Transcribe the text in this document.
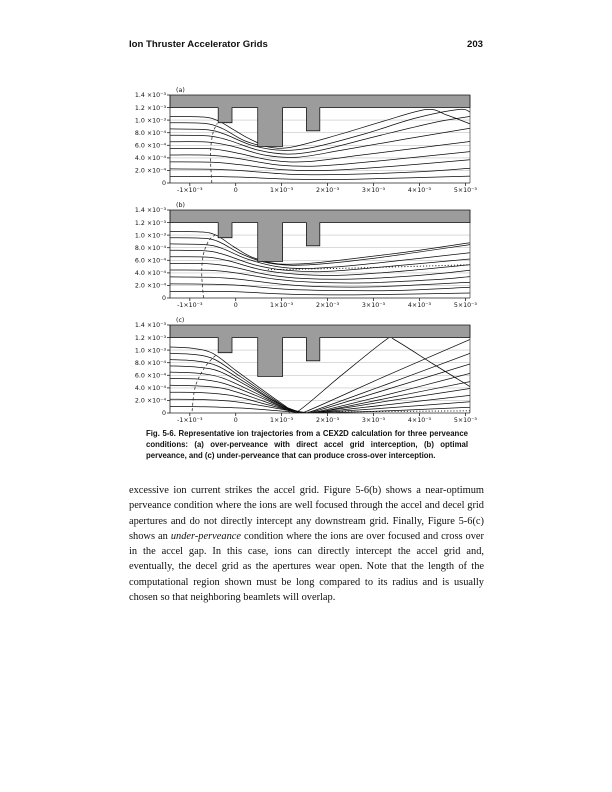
Ion Thruster Accelerator Grids	203
0
2.0 ×10⁻⁴
4.0 ×10⁻⁴
6.0 ×10⁻⁴
8.0 ×10⁻⁴
1.0 ×10⁻³
1.2 ×10⁻³
1.4 ×10⁻³
-1×10⁻³	0	1×10⁻³	2×10⁻³	3×10⁻³	4×10⁻³	5×10⁻³
(a)
0
2.0 ×10⁻⁴
4.0 ×10⁻⁴
6.0 ×10⁻⁴
8.0 ×10⁻⁴
1.0 ×10⁻³
1.2 ×10⁻³
1.4 ×10⁻³
-1×10⁻³	0	1×10⁻³	2×10⁻³	3×10⁻³	4×10⁻³	5×10⁻³
(b)
0
2.0 ×10⁻⁴
4.0 ×10⁻⁴
6.0 ×10⁻⁴
8.0 ×10⁻⁴
1.0 ×10⁻³
1.2 ×10⁻³
1.4 ×10⁻³
-1×10⁻³	0	1×10⁻³	2×10⁻³	3×10⁻³	4×10⁻³	5×10⁻³
(c)

Fig. 5-6. Representative ion trajectories from a CEX2D calculation for three perveance conditions: (a) over-perveance with direct accel grid interception, (b) optimal perveance, and (c) under-perveance that can produce cross-over interception.

excessive ion current strikes the accel grid. Figure 5-6(b) shows a near-optimum perveance condition where the ions are well focused through the accel and decel grid apertures and do not directly intercept any downstream grid. Finally, Figure 5-6(c) shows an under-perveance condition where the ions are over focused and cross over in the accel gap. In this case, ions can directly intercept the accel grid and, eventually, the decel grid as the apertures wear open. Note that the length of the computational region shown must be long compared to its radius and is usually chosen so that neighboring beamlets will overlap.
